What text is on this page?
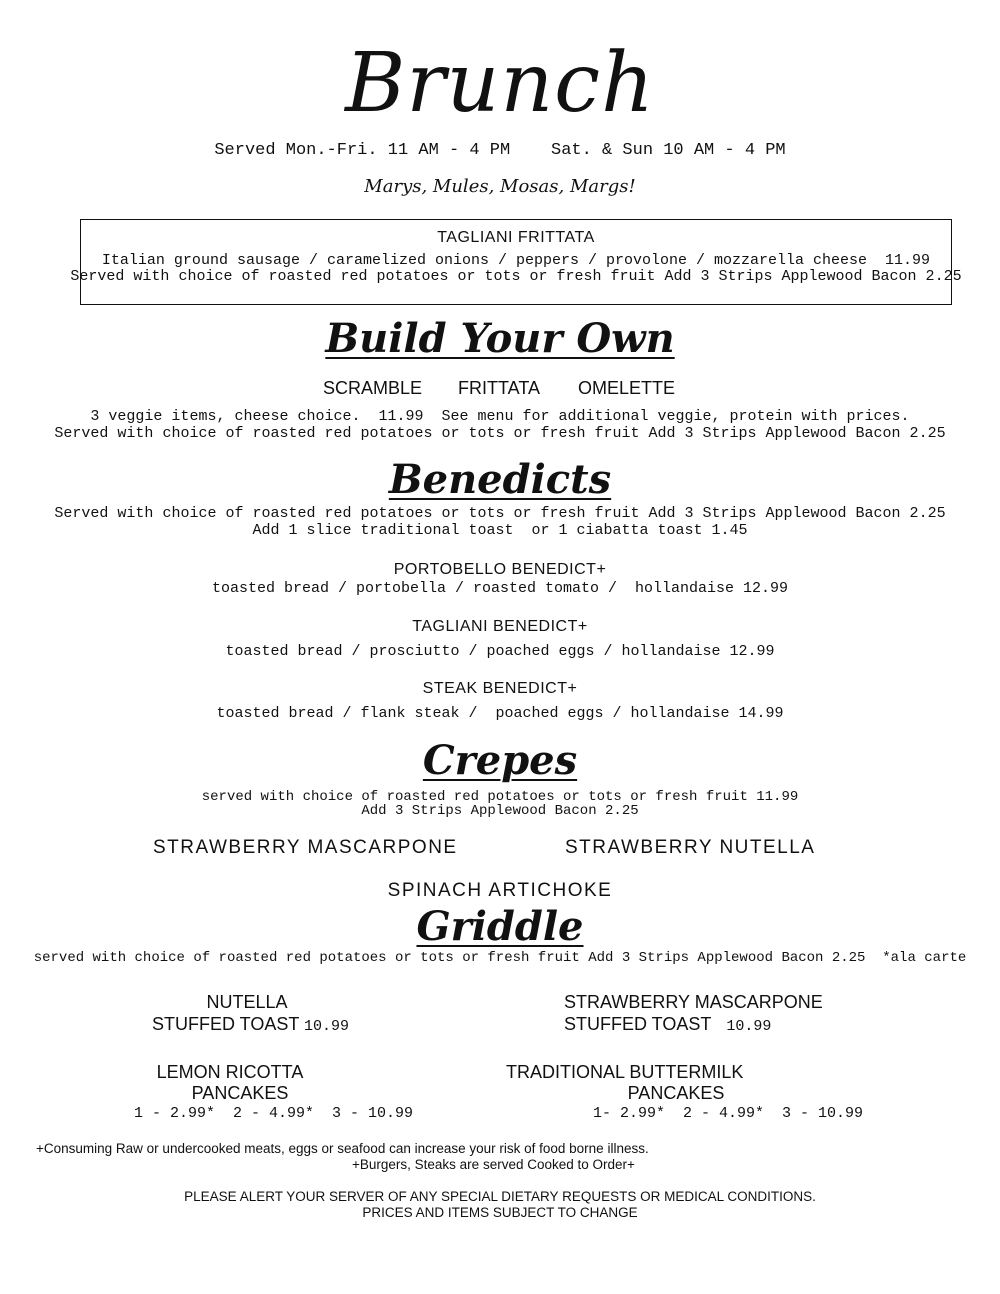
Brunch
Served Mon.-Fri. 11 AM - 4 PM    Sat. & Sun 10 AM - 4 PM
Marys, Mules, Mosas, Margs!
TAGLIANI FRITTATA
Italian ground sausage / caramelized onions / peppers / provolone / mozzarella cheese  11.99
Served with choice of roasted red potatoes or tots or fresh fruit Add 3 Strips Applewood Bacon 2.25
Build Your Own
SCRAMBLE FRITTATA OMELETTE
3 veggie items, cheese choice.  11.99  See menu for additional veggie, protein with prices.
Served with choice of roasted red potatoes or tots or fresh fruit Add 3 Strips Applewood Bacon 2.25
Benedicts
Served with choice of roasted red potatoes or tots or fresh fruit Add 3 Strips Applewood Bacon 2.25
Add 1 slice traditional toast  or 1 ciabatta toast 1.45
PORTOBELLO BENEDICT+
toasted bread / portobella / roasted tomato /  hollandaise 12.99
TAGLIANI BENEDICT+
toasted bread / prosciutto / poached eggs / hollandaise 12.99
STEAK BENEDICT+
toasted bread / flank steak /  poached eggs / hollandaise 14.99
Crepes
served with choice of roasted red potatoes or tots or fresh fruit 11.99
Add 3 Strips Applewood Bacon 2.25
STRAWBERRY MASCARPONE	STRAWBERRY NUTELLA
SPINACH ARTICHOKE
Griddle
served with choice of roasted red potatoes or tots or fresh fruit Add 3 Strips Applewood Bacon 2.25  *ala carte
NUTELLA
STUFFED TOAST 10.99
STRAWBERRY MASCARPONE
STUFFED TOAST 10.99
LEMON RICOTTA
PANCAKES
1 - 2.99*  2 - 4.99*  3 - 10.99
TRADITIONAL BUTTERMILK
PANCAKES
1- 2.99*  2 - 4.99*  3 - 10.99
+Consuming Raw or undercooked meats, eggs or seafood can increase your risk of food borne illness.
+Burgers, Steaks are served Cooked to Order+
PLEASE ALERT YOUR SERVER OF ANY SPECIAL DIETARY REQUESTS OR MEDICAL CONDITIONS.
PRICES AND ITEMS SUBJECT TO CHANGE
